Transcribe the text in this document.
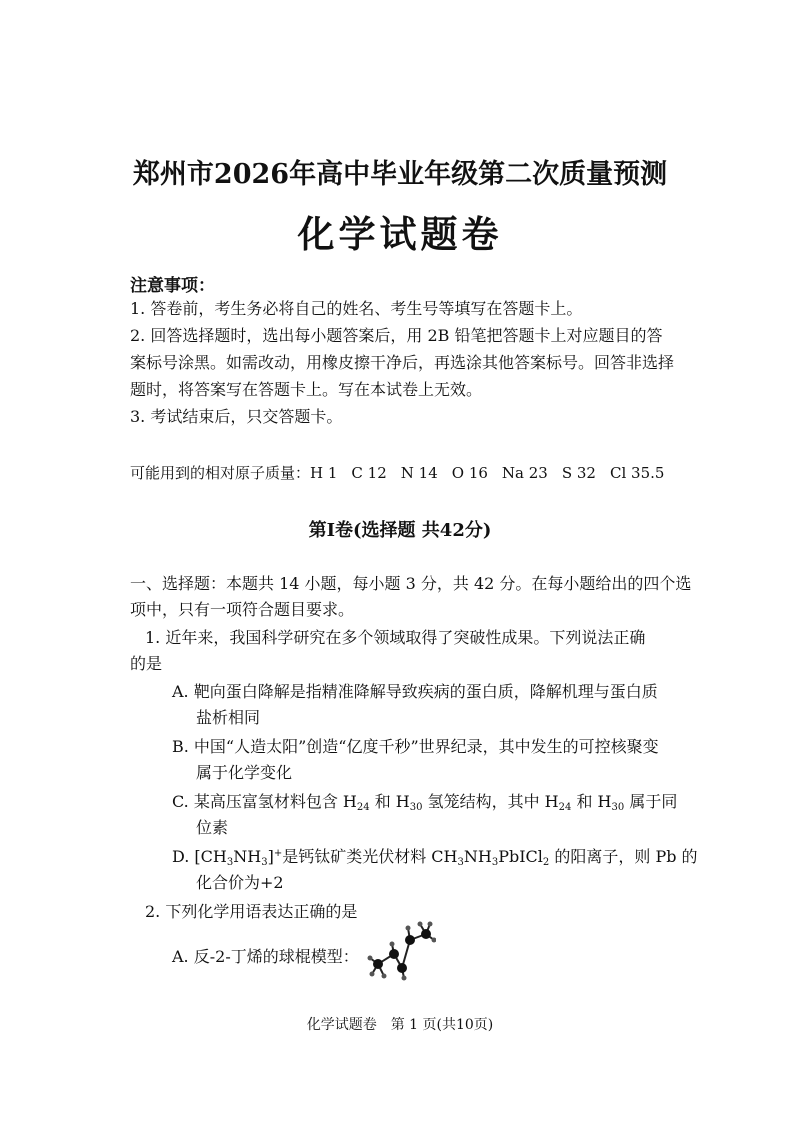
郑州市2026年高中毕业年级第二次质量预测
化学试题卷
注意事项：
1. 答卷前，考生务必将自己的姓名、考生号等填写在答题卡上。
2. 回答选择题时，选出每小题答案后，用 2B 铅笔把答题卡上对应题目的答
案标号涂黑。如需改动，用橡皮擦干净后，再选涂其他答案标号。回答非选择
题时，将答案写在答题卡上。写在本试卷上无效。
3. 考试结束后，只交答题卡。
可能用到的相对原子质量：H 1 C 12 N 14 O 16 Na 23 S 32 Cl 35.5
第Ⅰ卷(选择题 共42分)
一、选择题：本题共 14 小题，每小题 3 分，共 42 分。在每小题给出的四个选
项中，只有一项符合题目要求。
1. 近年来，我国科学研究在多个领域取得了突破性成果。下列说法正确
的是
A. 靶向蛋白降解是指精准降解导致疾病的蛋白质，降解机理与蛋白质
盐析相同
B. 中国“人造太阳”创造“亿度千秒”世界纪录，其中发生的可控核聚变
属于化学变化
C. 某高压富氢材料包含 $H_{24}$ 和 $H_{30}$ 氢笼结构，其中 $H_{24}$ 和 $H_{30}$ 属于同
位素
D. $[CH_3NH_3]^+$是钙钛矿类光伏材料 $CH_3NH_3PbICl_2$ 的阳离子，则 Pb 的
化合价为+2
2. 下列化学用语表达正确的是
A. 反-2-丁烯的球棍模型：
化学试题卷　第 1 页(共10页)
